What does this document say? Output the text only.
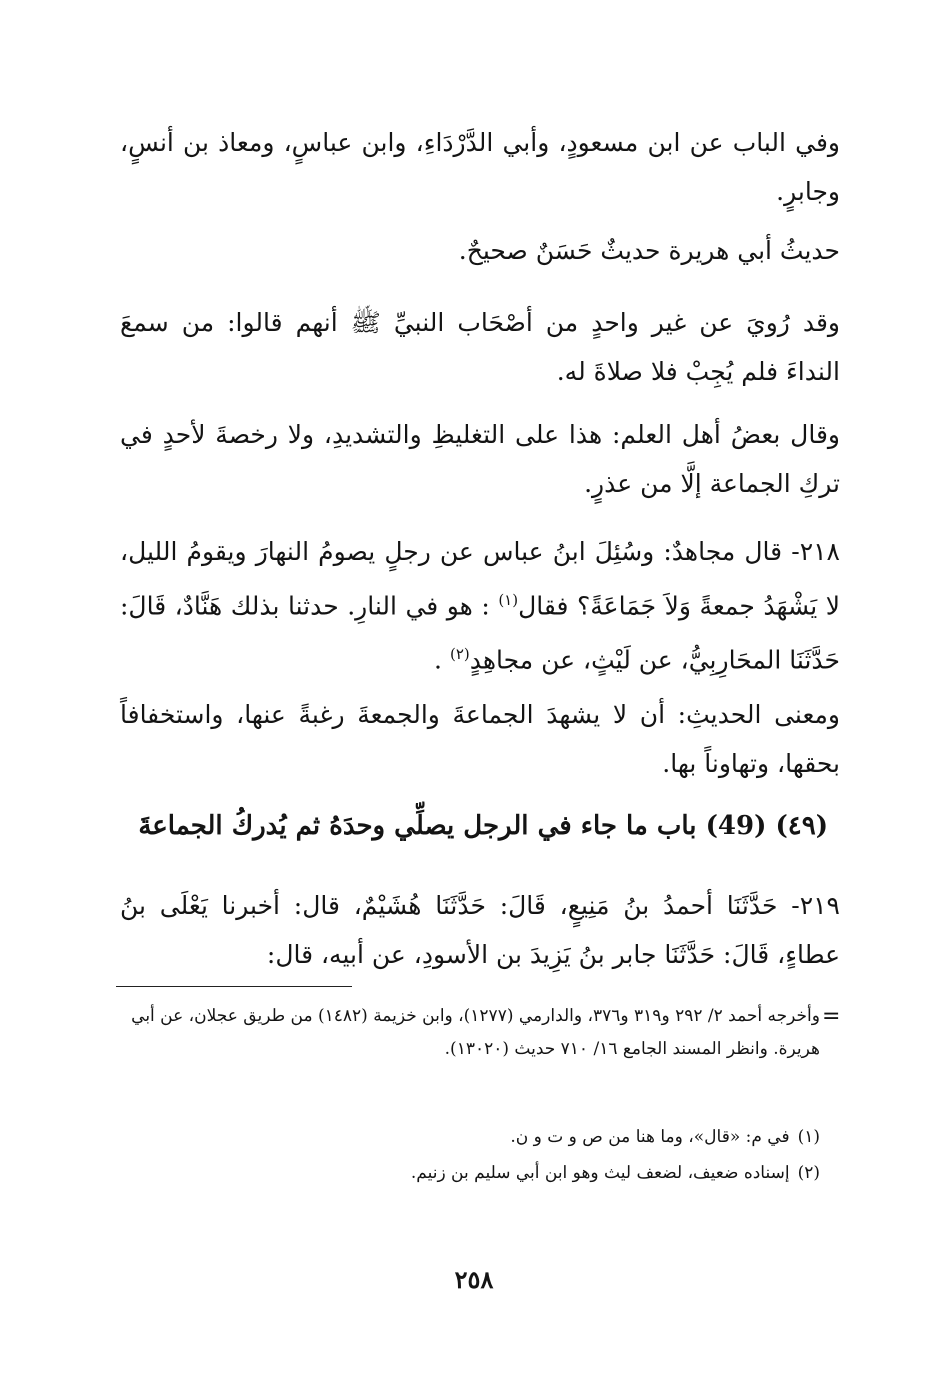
وفي الباب عن ابن مسعودٍ، وأبي الدَّرْدَاءِ، وابن عباسٍ، ومعاذ بن أنسٍ، وجابرٍ.

حديثُ أبي هريرة حديثٌ حَسَنٌ صحيحٌ.

وقد رُويَ عن غير واحدٍ من أصْحَاب النبيِّ ﷺ أنهم قالوا: من سمعَ النداءَ فلم يُجِبْ فلا صلاةَ له.

وقال بعضُ أهل العلم: هذا على التغليظِ والتشديدِ، ولا رخصةَ لأحدٍ في تركِ الجماعة إلَّا من عذرٍ.

٢١٨- قال مجاهدٌ: وسُئِلَ ابنُ عباس عن رجلٍ يصومُ النهارَ ويقومُ الليل، لا يَشْهَدُ جمعةً وَلاَ جَمَاعَةً؟ فقال$^{(١)}$ : هو في النارِ. حدثنا بذلك هَنَّادٌ، قَالَ: حَدَّثَنَا المحَارِبِيُّ، عن لَيْثٍ، عن مجاهِدٍ$^{(٢)}$ .

ومعنى الحديثِ: أن لا يشهدَ الجماعةَ والجمعةَ رغبةً عنها، واستخفافاً بحقها، وتهاوناً بها.

(٤٩) (49) باب ما جاء في الرجل يصلِّي وحدَهُ ثم يُدركُ الجماعةَ

٢١٩- حَدَّثَنَا أحمدُ بنُ مَنِيعٍ، قَالَ: حَدَّثَنَا هُشَيْمٌ، قال: أخبرنا يَعْلَى بنُ عطاءٍ، قَالَ: حَدَّثَنَا جابر بنُ يَزِيدَ بن الأسودِ، عن أبيه، قال:

=

وأخرجه أحمد ٢/ ٢٩٢ و٣١٩ و٣٧٦، والدارمي (١٢٧٧)، وابن خزيمة (١٤٨٢) من طريق عجلان، عن أبي هريرة. وانظر المسند الجامع ١٦/ ٧١٠ حديث (١٣٠٢٠).

(١)في م: «قال»، وما هنا من ص و ت و ن.

(٢)إسناده ضعيف، لضعف ليث وهو ابن أبي سليم بن زنيم.

٢٥٨
